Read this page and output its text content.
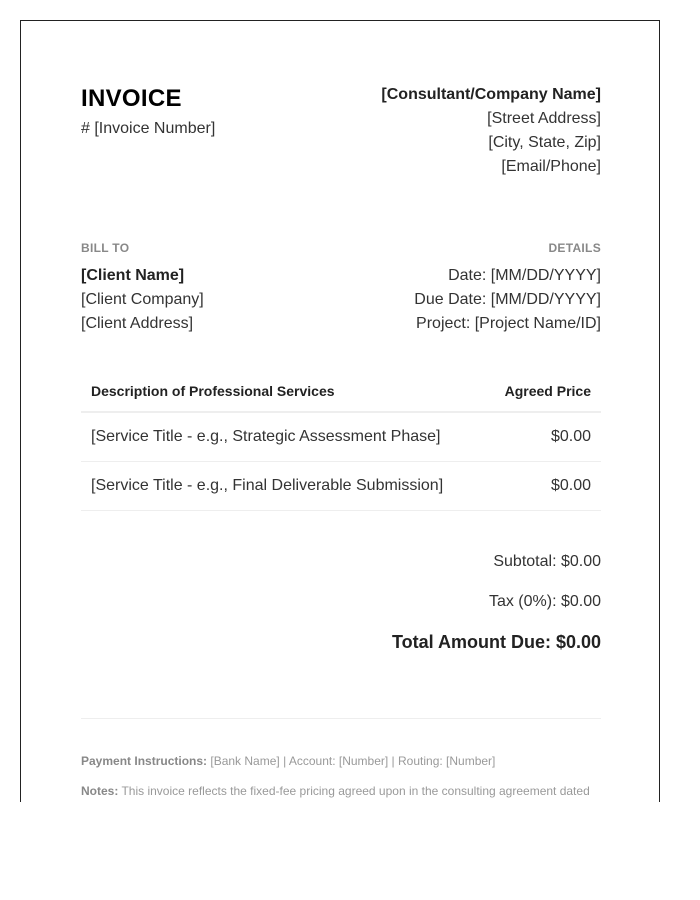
INVOICE
# [Invoice Number]
[Consultant/Company Name]
[Street Address]
[City, State, Zip]
[Email/Phone]
BILL TO
[Client Name]
[Client Company]
[Client Address]
DETAILS
Date: [MM/DD/YYYY]
Due Date: [MM/DD/YYYY]
Project: [Project Name/ID]
Description of Professional Services	Agreed Price
[Service Title - e.g., Strategic Assessment Phase]	$0.00
[Service Title - e.g., Final Deliverable Submission]	$0.00
Subtotal: $0.00
Tax (0%): $0.00
Total Amount Due: $0.00
Payment Instructions: [Bank Name] | Account: [Number] | Routing: [Number]
Notes: This invoice reflects the fixed-fee pricing agreed upon in the consulting agreement dated
